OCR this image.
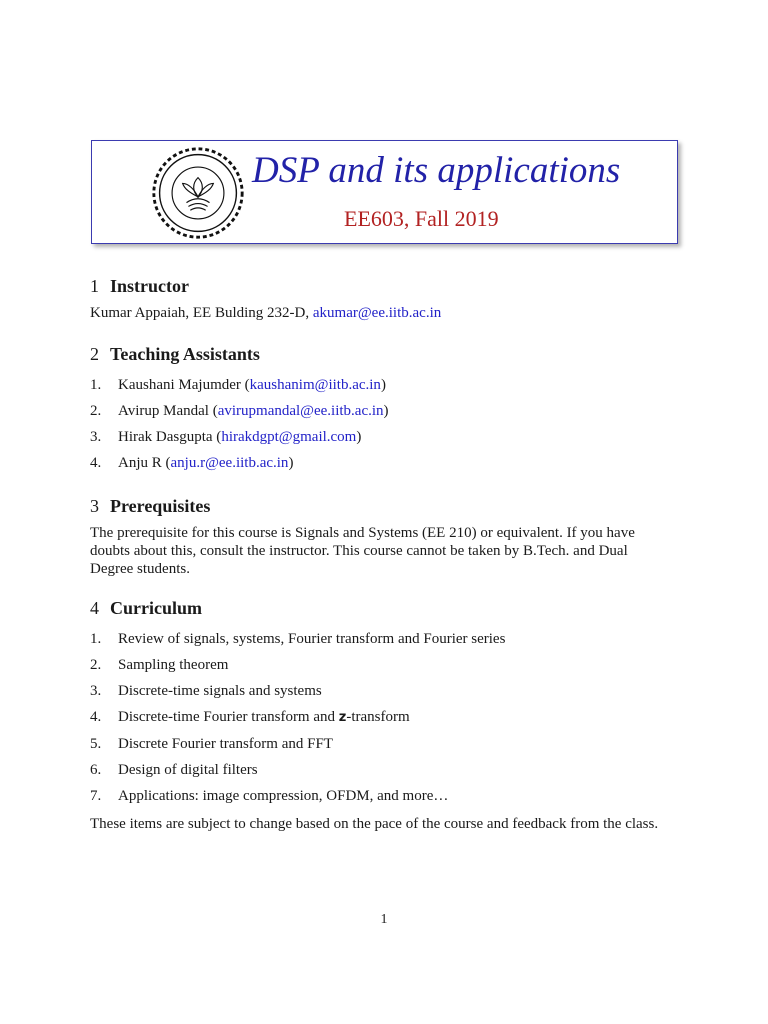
DSP and its applications
EE603, Fall 2019
1 Instructor
Kumar Appaiah, EE Bulding 232-D, akumar@ee.iitb.ac.in
2 Teaching Assistants
1.	Kaushani Majumder (kaushanim@iitb.ac.in)
2.	Avirup Mandal (avirupmandal@ee.iitb.ac.in)
3.	Hirak Dasgupta (hirakdgpt@gmail.com)
4.	Anju R (anju.r@ee.iitb.ac.in)
3 Prerequisites

The prerequisite for this course is Signals and Systems (EE 210) or equivalent. If you have
doubts about this, consult the instructor. This course cannot be taken by B.Tech. and Dual
Degree students.

4 Curriculum
1.	Review of signals, systems, Fourier transform and Fourier series
2.	Sampling theorem
3.	Discrete-time signals and systems
4.	Discrete-time Fourier transform and z-transform
5.	Discrete Fourier transform and FFT
6.	Design of digital filters
7.	Applications: image compression, OFDM, and more…
These items are subject to change based on the pace of the course and feedback from the class.
1
